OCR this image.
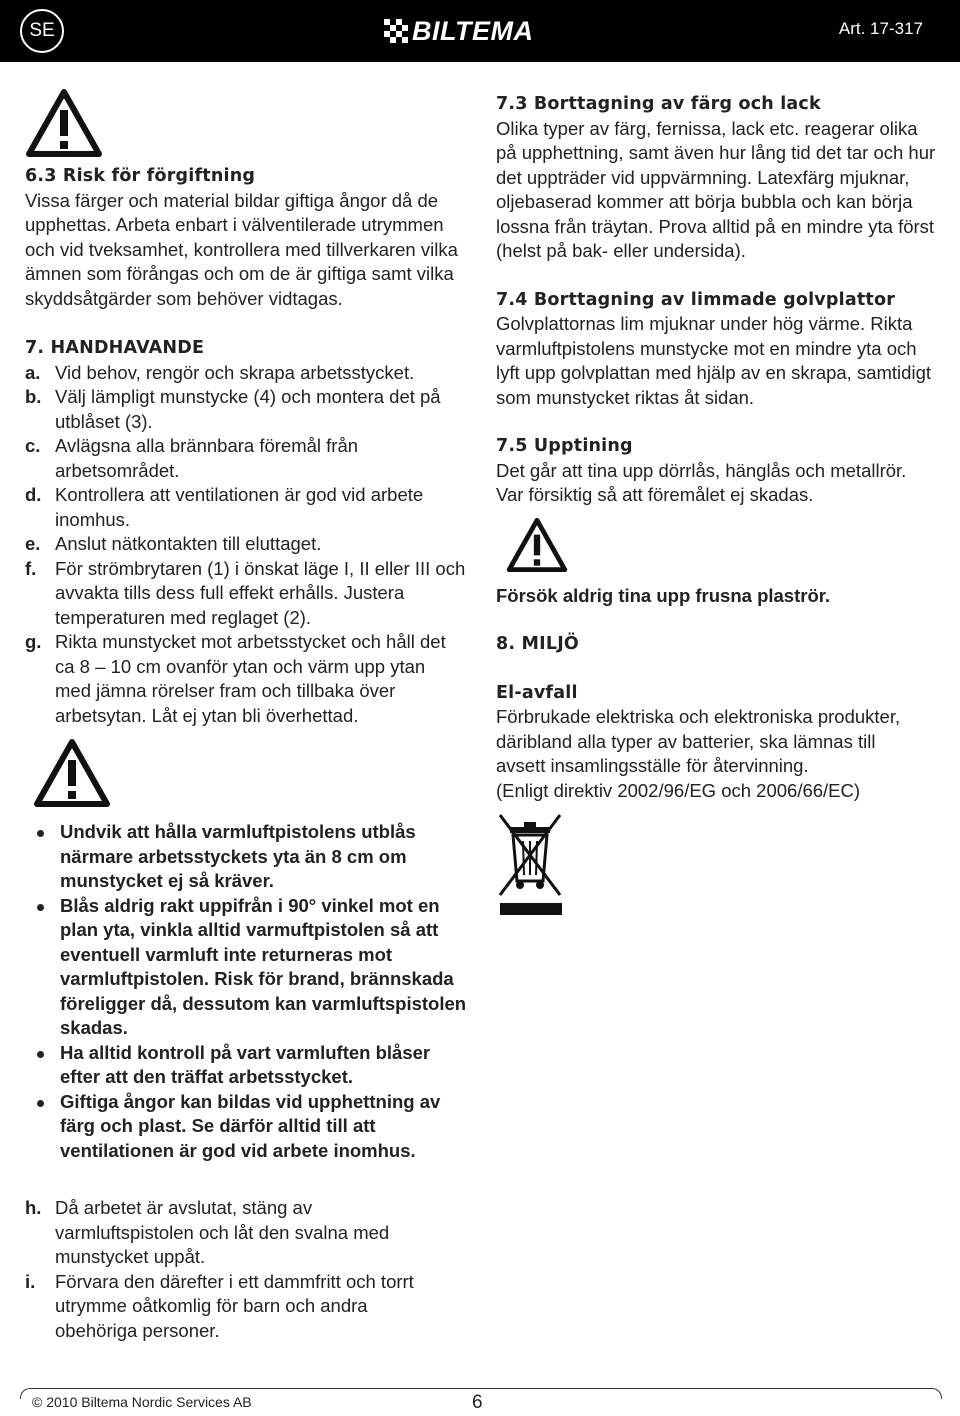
SE	BILTEMA	Art. 17-317

6.3 Risk för förgiftning

Vissa färger och material bildar giftiga ångor då de upphettas. Arbeta enbart i välventilerade utrymmen och vid tveksamhet, kontrollera med tillverkaren vilka ämnen som förångas och om de är giftiga samt vilka skyddsåtgärder som behöver vidtagas.

7. HANDHAVANDE

a. Vid behov, rengör och skrapa arbetsstycket.
b. Välj lämpligt munstycke (4) och montera det på utblåset (3).
c. Avlägsna alla brännbara föremål från arbetsområdet.
d. Kontrollera att ventilationen är god vid arbete inomhus.
e. Anslut nätkontakten till eluttaget.
f. För strömbrytaren (1) i önskat läge I, II eller III och avvakta tills dess full effekt erhålls. Justera temperaturen med reglaget (2).
g. Rikta munstycket mot arbetsstycket och håll det ca 8 – 10 cm ovanför ytan och värm upp ytan med jämna rörelser fram och tillbaka över arbetsytan. Låt ej ytan bli överhettad.
Undvik att hålla varmluftpistolens utblås närmare arbetsstyckets yta än 8 cm om munstycket ej så kräver.
Blås aldrig rakt uppifrån i 90° vinkel mot en plan yta, vinkla alltid varmuftpistolen så att eventuell varmluft inte returneras mot varmluftpistolen. Risk för brand, brännskada föreligger då, dessutom kan varmluftspistolen skadas.
Ha alltid kontroll på vart varmluften blåser efter att den träffat arbetsstycket.
Giftiga ångor kan bildas vid upphettning av färg och plast. Se därför alltid till att ventilationen är god vid arbete inomhus.
h. Då arbetet är avslutat, stäng av varmluftspistolen och låt den svalna med munstycket uppåt.
i. Förvara den därefter i ett dammfritt och torrt utrymme oåtkomlig för barn och andra obehöriga personer.

7.3 Borttagning av färg och lack

Olika typer av färg, fernissa, lack etc. reagerar olika på upphettning, samt även hur lång tid det tar och hur det uppträder vid uppvärmning. Latexfärg mjuknar, oljebaserad kommer att börja bubbla och kan börja lossna från träytan. Prova alltid på en mindre yta först (helst på bak- eller undersida).

7.4 Borttagning av limmade golvplattor

Golvplattornas lim mjuknar under hög värme. Rikta varmluftpistolens munstycke mot en mindre yta och lyft upp golvplattan med hjälp av en skrapa, samtidigt som munstycket riktas åt sidan.

7.5 Upptining

Det går att tina upp dörrlås, hänglås och metallrör. Var försiktig så att föremålet ej skadas.

Försök aldrig tina upp frusna plaströr.

8. MILJÖ

El-avfall

Förbrukade elektriska och elektroniska produkter, däribland alla typer av batterier, ska lämnas till avsett insamlingsställe för återvinning.

(Enligt direktiv 2002/96/EG och 2006/66/EC)

© 2010 Biltema Nordic Services AB	6
